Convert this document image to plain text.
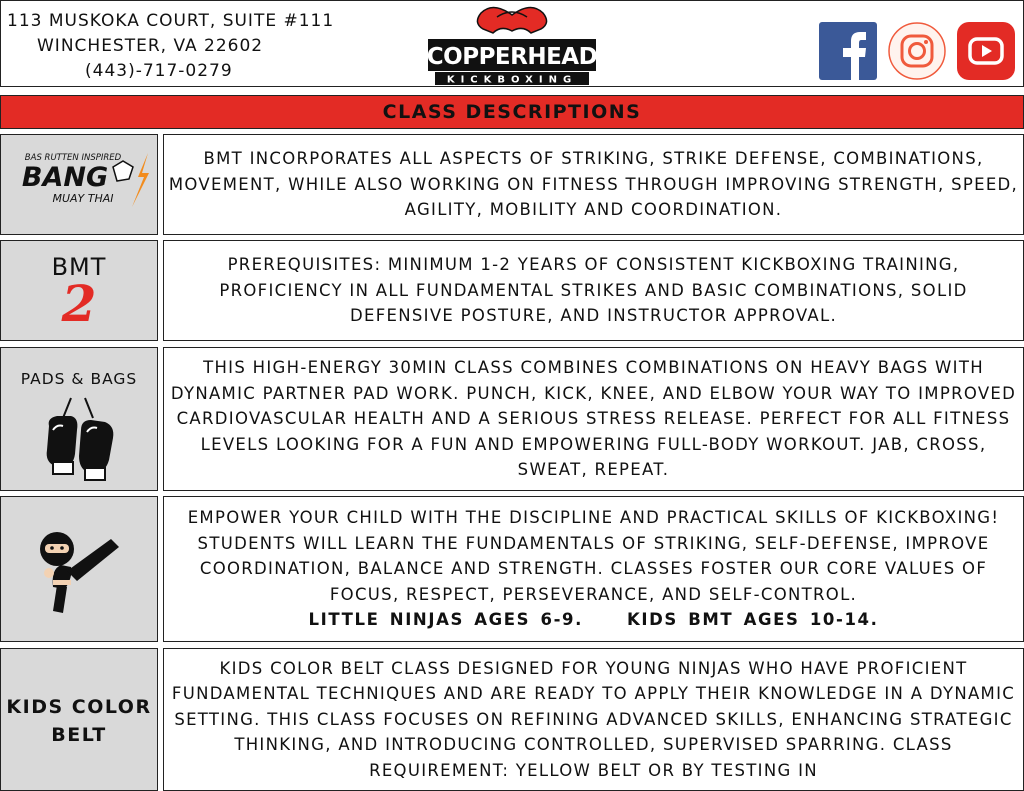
113 MUSKOKA COURT, SUITE #111
WINCHESTER, VA 22602
(443)-717-0279
COPPERHEAD
KICKBOXING
CLASS DESCRIPTIONS
BAS RUTTEN INSPIRED
BANG
MUAY THAI
BMT INCORPORATES ALL ASPECTS OF STRIKING, STRIKE DEFENSE, COMBINATIONS, MOVEMENT, WHILE ALSO WORKING ON FITNESS THROUGH IMPROVING STRENGTH, SPEED, AGILITY, MOBILITY AND COORDINATION.
BMT
2
PREREQUISITES: MINIMUM 1-2 YEARS OF CONSISTENT KICKBOXING TRAINING, PROFICIENCY IN ALL FUNDAMENTAL STRIKES AND BASIC COMBINATIONS, SOLID DEFENSIVE POSTURE, AND INSTRUCTOR APPROVAL.
PADS & BAGS
THIS HIGH-ENERGY 30MIN CLASS COMBINES COMBINATIONS ON HEAVY BAGS WITH DYNAMIC PARTNER PAD WORK. PUNCH, KICK, KNEE, AND ELBOW YOUR WAY TO IMPROVED CARDIOVASCULAR HEALTH AND A SERIOUS STRESS RELEASE. PERFECT FOR ALL FITNESS LEVELS LOOKING FOR A FUN AND EMPOWERING FULL-BODY WORKOUT. JAB, CROSS, SWEAT, REPEAT.
EMPOWER YOUR CHILD WITH THE DISCIPLINE AND PRACTICAL SKILLS OF KICKBOXING! STUDENTS WILL LEARN THE FUNDAMENTALS OF STRIKING, SELF-DEFENSE, IMPROVE COORDINATION, BALANCE AND STRENGTH. CLASSES FOSTER OUR CORE VALUES OF FOCUS, RESPECT, PERSEVERANCE, AND SELF-CONTROL.
LITTLE NINJAS AGES 6-9.	KIDS BMT AGES 10-14.
KIDS COLOR
BELT
KIDS COLOR BELT CLASS DESIGNED FOR YOUNG NINJAS WHO HAVE PROFICIENT FUNDAMENTAL TECHNIQUES AND ARE READY TO APPLY THEIR KNOWLEDGE IN A DYNAMIC SETTING. THIS CLASS FOCUSES ON REFINING ADVANCED SKILLS, ENHANCING STRATEGIC THINKING, AND INTRODUCING CONTROLLED, SUPERVISED SPARRING. CLASS REQUIREMENT: YELLOW BELT OR BY TESTING IN
